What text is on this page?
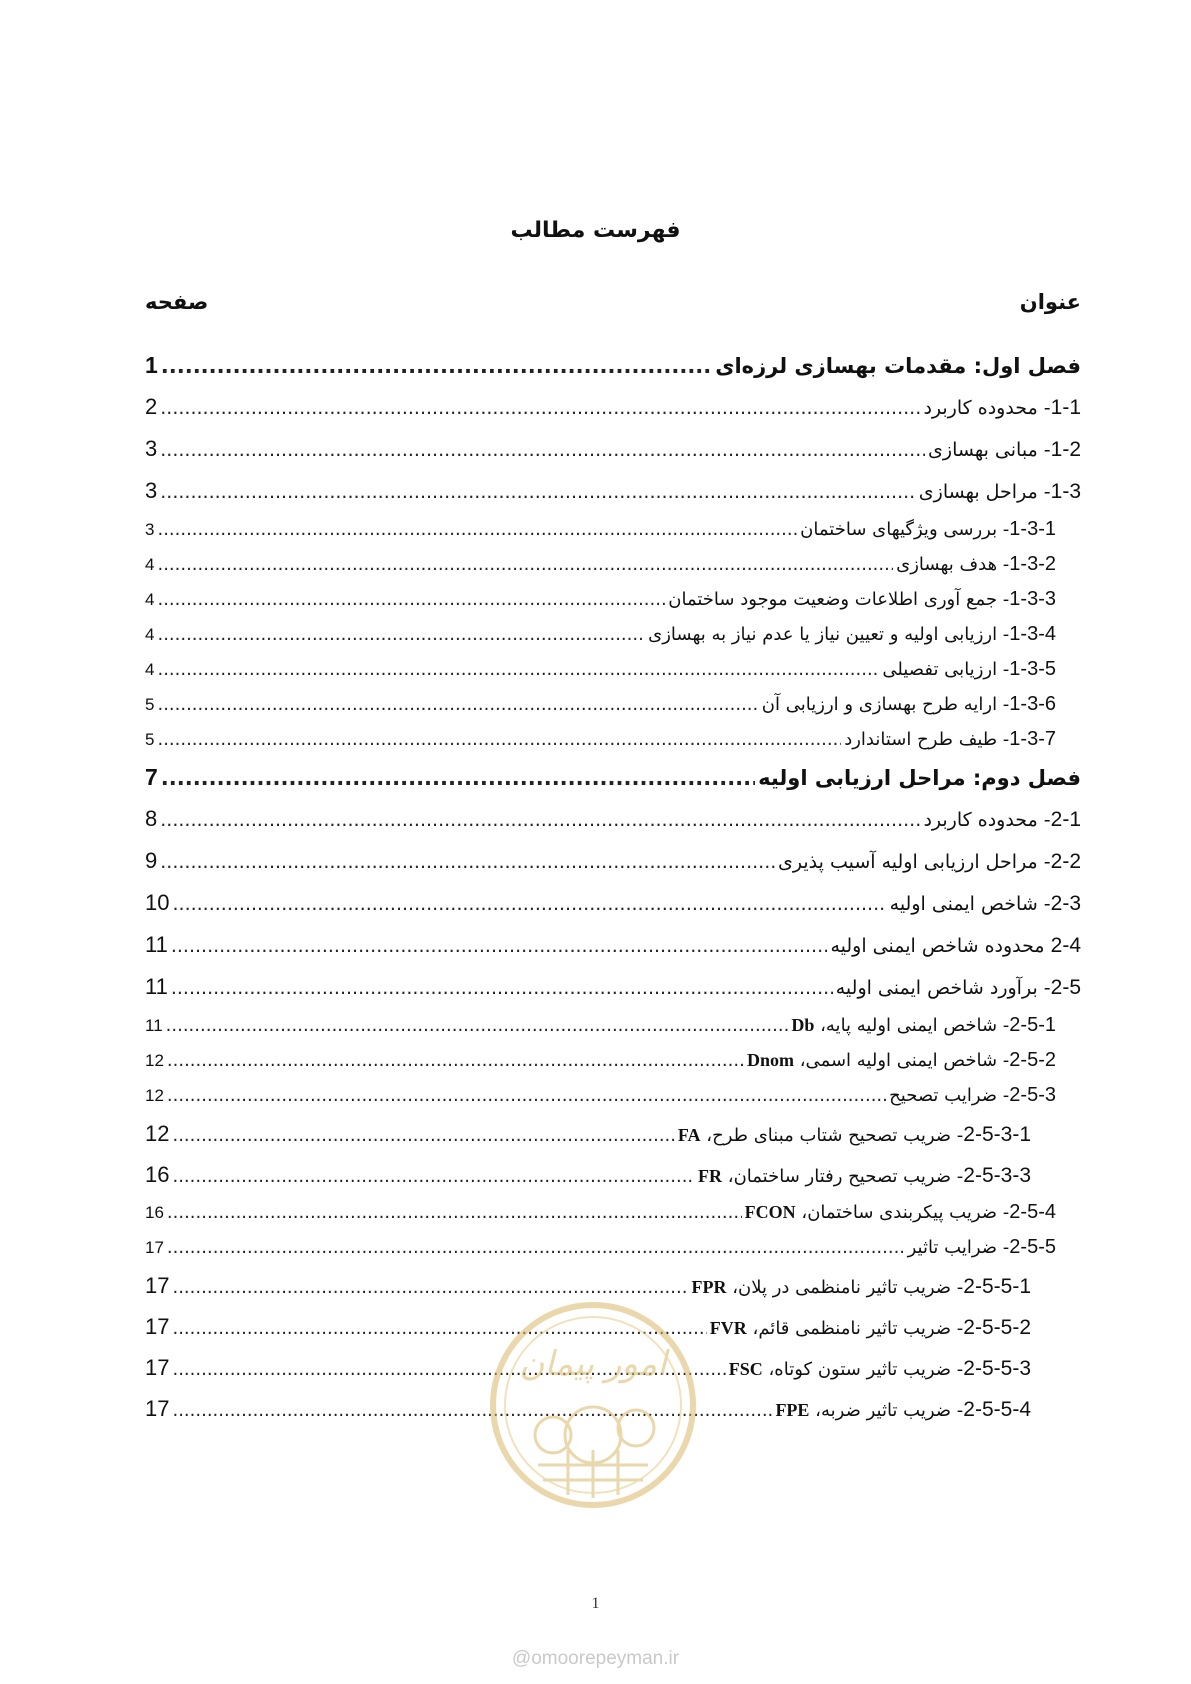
فهرست مطالب
عنوان
صفحه
فصل اول: مقدمات بهسازی لرزه‌ای
.....
1
1-1- محدوده کاربرد
.....
2
1-2- مبانی بهسازی
.....
3
1-3- مراحل بهسازی
.....
3
1-3-1- بررسی ویژگیهای ساختمان
.....
3
1-3-2- هدف بهسازی
.....
4
1-3-3- جمع آوری اطلاعات وضعیت موجود ساختمان
.....
4
1-3-4- ارزیابی اولیه و تعیین نیاز یا عدم نیاز به بهسازی
.....
4
1-3-5- ارزیابی تفصیلی
.....
4
1-3-6- ارایه طرح بهسازی و ارزیابی آن
.....
5
1-3-7- طیف طرح استاندارد
.....
5
فصل دوم: مراحل ارزیابی اولیه
.....
7
2-1- محدوده کاربرد
.....
8
2-2- مراحل ارزیابی اولیه آسیب پذیری
.....
9
2-3- شاخص ایمنی اولیه
.....
10
2-4 محدوده شاخص ایمنی اولیه
.....
11
2-5- برآورد شاخص ایمنی اولیه
.....
11
2-5-1- شاخص ایمنی اولیه پایه، Db
.....
11
2-5-2- شاخص ایمنی اولیه اسمی، Dnom
.....
12
2-5-3- ضرایب تصحیح
.....
12
2-5-3-1- ضریب تصحیح شتاب مبنای طرح، FA
.....
12
2-5-3-3- ضریب تصحیح رفتار ساختمان، FR
.....
16
2-5-4- ضریب پیکربندی ساختمان، FCON
.....
16
2-5-5- ضرایب تاثیر
.....
17
2-5-5-1- ضریب تاثیر نامنظمی در پلان، FPR
.....
17
2-5-5-2- ضریب تاثیر نامنظمی قائم، FVR
.....
17
2-5-5-3- ضریب تاثیر ستون کوتاه، FSC
.....
17
2-5-5-4- ضریب تاثیر ضربه، FPE
.....
17
امور پیمان
1
@omoorepeyman.ir
